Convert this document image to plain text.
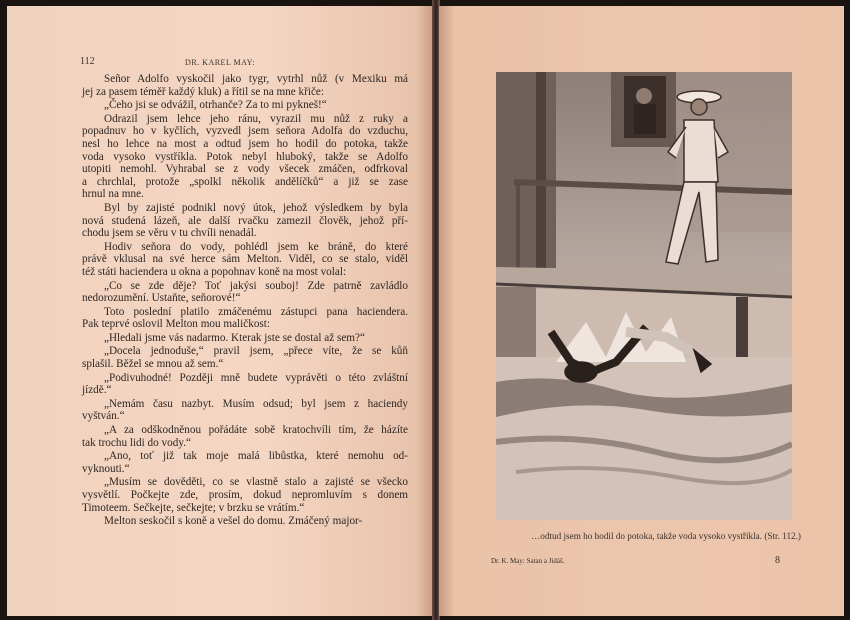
112	DR. KAREL MAY:
Señor Adolfo vyskočil jako tygr, vytrhl nůž (v Mexiku má
jej za pasem téměř každý kluk) a řítil se na mne křiče:
„Čeho jsi se odvážil, otrhanče? Za to mi pykneš!“
Odrazil jsem lehce jeho ránu, vyrazil mu nůž z ruky a
popadnuv ho v kyčlích, vyzvedl jsem seňora Adolfa do vzduchu,
nesl ho lehce na most a odtud jsem ho hodil do potoka, takže
voda vysoko vystříkla. Potok nebyl hluboký, takže se Adolfo
utopiti nemohl. Vyhrabal se z vody všecek zmáčen, odfrkoval
a chrchlal, protože „spolkl několik andělíčků“ a již se zase
hrnul na mne.
Byl by zajisté podnikl nový útok, jehož výsledkem by byla
nová studená lázeň, ale další rvačku zamezil člověk, jehož pří-
chodu jsem se věru v tu chvíli nenadál.
Hodiv seňora do vody, pohlédl jsem ke bráně, do které
právě vklusal na své herce sám Melton. Viděl, co se stalo, viděl
též státi haciendera u okna a popohnav koně na most volal:
„Co se zde děje? Toť jakýsi souboj! Zde patrně zavládlo
nedorozumění. Ustaňte, seňorové!“
Toto poslední platilo zmáčenému zástupci pana haciendera.
Pak teprvé oslovil Melton mou maličkost:
„Hledali jsme vás nadarmo. Kterak jste se dostal až sem?“
„Docela jednoduše,“ pravil jsem, „přece víte, že se kůň
splašil. Běžel se mnou až sem.“
„Podivuhodné! Později mně budete vyprávěti o této zvláštní
jízdě.“
„Nemám času nazbyt. Musím odsud; byl jsem z haciendy
vyštván.“
„A za odškodněnou pořádáte sobě kratochvíli tím, že házíte
tak trochu lidi do vody.“
„Ano, toť již tak moje malá libůstka, které nemohu od-
vyknouti.“
„Musím se dověděti, co se vlastně stalo a zajisté se všecko
vysvětlí. Počkejte zde, prosím, dokud nepromluvím s donem
Timoteem. Sečkejte, sečkejte; v brzku se vrátím.“
Melton seskočil s koně a vešel do domu. Zmáčený major-
…odtud jsem ho hodil do potoka, takže voda vysoko vystříkla. (Str. 112.)
Dr. K. May: Satan a Jidáš.	8
